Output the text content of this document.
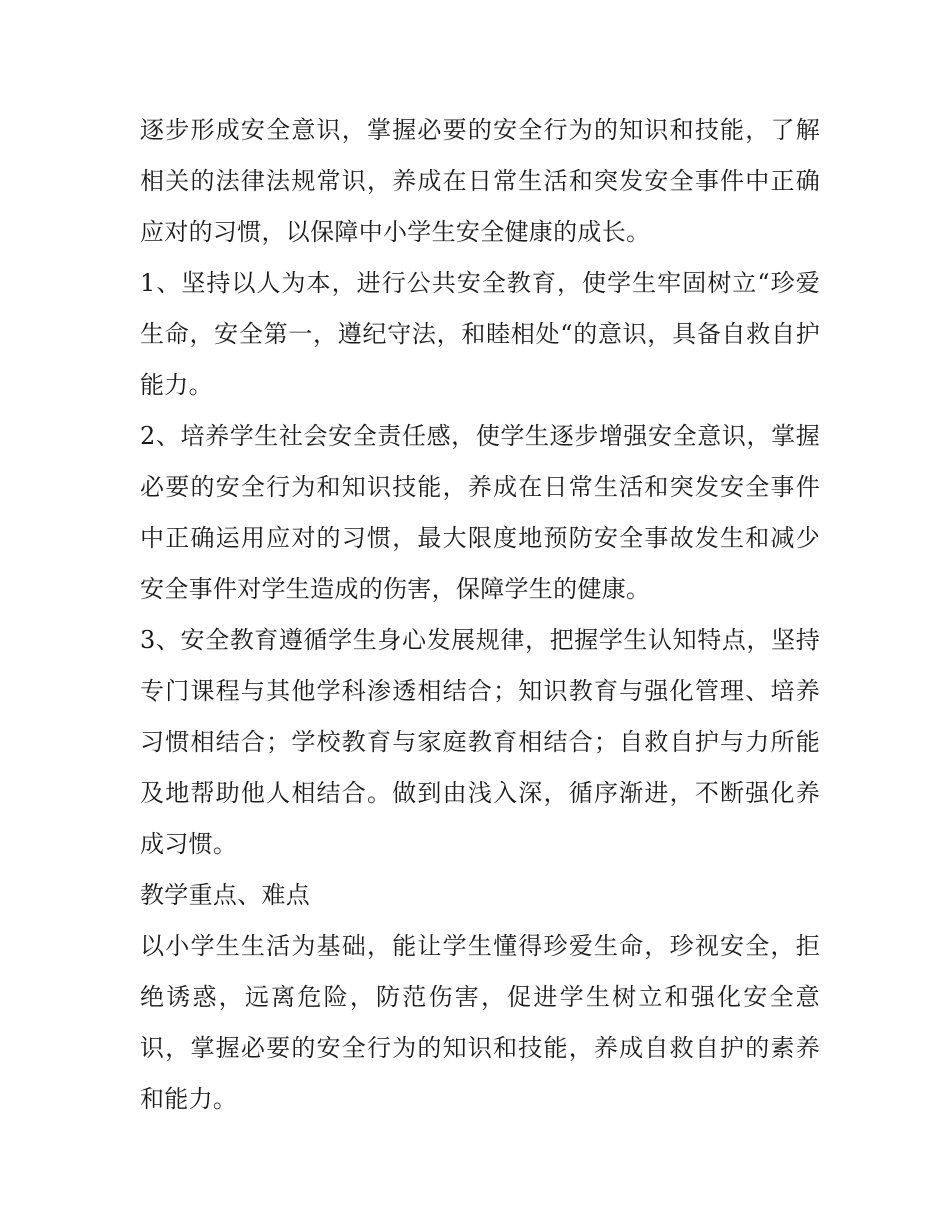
逐步形成安全意识，掌握必要的安全行为的知识和技能，了解相关的法律法规常识，养成在日常生活和突发安全事件中正确应对的习惯，以保障中小学生安全健康的成长。

1、坚持以人为本，进行公共安全教育，使学生牢固树立“珍爱生命，安全第一，遵纪守法，和睦相处“的意识，具备自救自护能力。

2、培养学生社会安全责任感，使学生逐步增强安全意识，掌握必要的安全行为和知识技能，养成在日常生活和突发安全事件中正确运用应对的习惯，最大限度地预防安全事故发生和减少安全事件对学生造成的伤害，保障学生的健康。

3、安全教育遵循学生身心发展规律，把握学生认知特点，坚持专门课程与其他学科渗透相结合；知识教育与强化管理、培养习惯相结合；学校教育与家庭教育相结合；自救自护与力所能及地帮助他人相结合。做到由浅入深，循序渐进，不断强化养成习惯。

教学重点、难点

以小学生生活为基础，能让学生懂得珍爱生命，珍视安全，拒绝诱惑，远离危险，防范伤害，促进学生树立和强化安全意识，掌握必要的安全行为的知识和技能，养成自救自护的素养和能力。
